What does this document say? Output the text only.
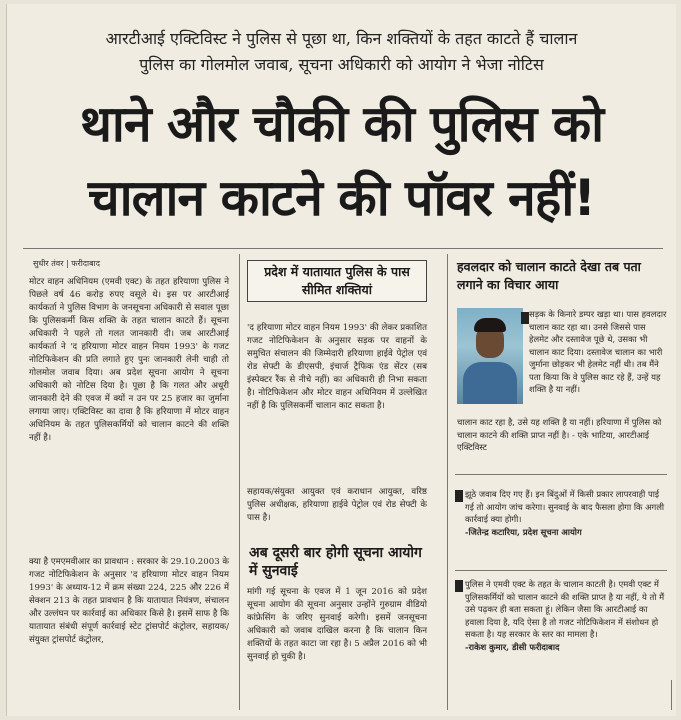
आरटीआई एक्टिविस्ट ने पुलिस से पूछा था, किन शक्तियों के तहत काटते हैं चालान
पुलिस का गोलमोल जवाब, सूचना अधिकारी को आयोग ने भेजा नोटिस
थाने और चौकी की पुलिस को
चालान काटने की पॉवर नहीं!
सुधीर तंवर | फरीदाबाद
मोटर वाहन अधिनियम (एमवी एक्ट) के तहत हरियाणा पुलिस ने पिछले वर्ष 46 करोड़ रुपए वसूले थे। इस पर आरटीआई कार्यकर्ता ने पुलिस विभाग के जनसूचना अधिकारी से सवाल पूछा कि पुलिसकर्मी किस शक्ति के तहत चालान काटते हैं। सूचना अधिकारी ने पहले तो गलत जानकारी दी। जब आरटीआई कार्यकर्ता ने 'द हरियाणा मोटर वाहन नियम 1993' के गजट नोटिफिकेशन की प्रति लगाते हुए पुनः जानकारी लेनी चाही तो गोलमोल जवाब दिया। अब प्रदेश सूचना आयोग ने सूचना अधिकारी को नोटिस दिया है। पूछा है कि गलत और अधूरी जानकारी देने की एवज में क्यों न उन पर 25 हजार का जुर्माना लगाया जाए। एक्टिविस्ट का दावा है कि हरियाणा में मोटर वाहन अधिनियम के तहत पुलिसकर्मियों को चालान काटने की शक्ति नहीं है।
क्या है एमएमवीआर का प्रावधान : सरकार के 29.10.2003 के गजट नोटिफिकेशन के अनुसार 'द हरियाणा मोटर वाहन नियम 1993' के अध्याय-12 में क्रम संख्या 224, 225 और 226 में सेक्शन 213 के तहत प्रावधान है कि यातायात नियंत्रण, संचालन और उल्लंघन पर कार्रवाई का अधिकार किसे है। इसमें साफ है कि यातायात संबंधी संपूर्ण कार्रवाई स्टेट ट्रांसपोर्ट कंट्रोलर, सहायक/संयुक्त ट्रांसपोर्ट कंट्रोलर,
प्रदेश में यातायात पुलिस के पास सीमित शक्तियां
'द हरियाणा मोटर वाहन नियम 1993' की लेकर प्रकाशित गजट नोटिफिकेशन के अनुसार सड़क पर वाहनों के समुचित संचालन की जिम्मेदारी हरियाणा हाईवे पेट्रोल एवं रोड सेफ्टी के डीएसपी, इंचार्ज ट्रैफिक एंड सेंटर (सब इंस्पेक्टर रैंक से नीचे नहीं) का अधिकारी ही निभा सकता है। नोटिफिकेशन और मोटर वाहन अधिनियम में उल्लेखित नहीं है कि पुलिसकर्मी चालान काट सकता है।
सहायक/संयुक्त आयुक्त एवं कराधान आयुक्त, वरिष्ठ पुलिस अधीक्षक, हरियाणा हाईवे पेट्रोल एवं रोड सेफ्टी के पास है।
अब दूसरी बार होगी सूचना आयोग में सुनवाई
मांगी गई सूचना के एवज में 1 जून 2016 को प्रदेश सूचना आयोग की सूचना अनुसार उन्होंने गुरुग्राम वीडियो कांफ्रेसिंग के जरिए सुनवाई करेगी। इसमें जनसूचना अधिकारी को जवाब दाखिल करना है कि चालान किन शक्तियों के तहत काटा जा रहा है। 5 अप्रैल 2016 को भी सुनवाई हो चुकी है।
हवलदार को चालान काटते देखा तब पता लगाने का विचार आया
सड़क के किनारे डम्पर खड़ा था। पास हवलदार चालान काट रहा था। उनसे जिससे पास हेलमेट और दस्तावेज पूछे थे, उसका भी चालान काट दिया। दस्तावेज चालान का भारी जुर्माना छोड़कर भी हेलमेट नहीं थी। तब मैंने पता किया कि वे पुलिस काट रहे हैं, उन्हें यह शक्ति है या नहीं।
चालान काट रहा है, उसे यह शक्ति है या नहीं। हरियाणा में पुलिस को चालान काटने की शक्ति प्राप्त नहीं है। - एके भाटिया, आरटीआई एक्टिविस्ट
झूठे जवाब दिए गए हैं। इन बिंदुओं में किसी प्रकार लापरवाही पाई गई तो आयोग जांच करेगा। सुनवाई के बाद फैसला होगा कि अगली कार्रवाई क्या होगी।
-जितेन्द्र कटारिया, प्रदेश सूचना आयोग
पुलिस ने एमवी एक्ट के तहत के चालान काटती है। एमवी एक्ट में पुलिसकर्मियों को चालान काटने की शक्ति प्राप्त है या नहीं, ये तो मैं उसे पढ़कर ही बता सकता हूं। लेकिन जैसा कि आरटीआई का हवाला दिया है, यदि ऐसा है तो गजट नोटिफिकेशन में संशोधन हो सकता है। यह सरकार के स्तर का मामला है।
-राकेश कुमार, डीसी फरीदाबाद
